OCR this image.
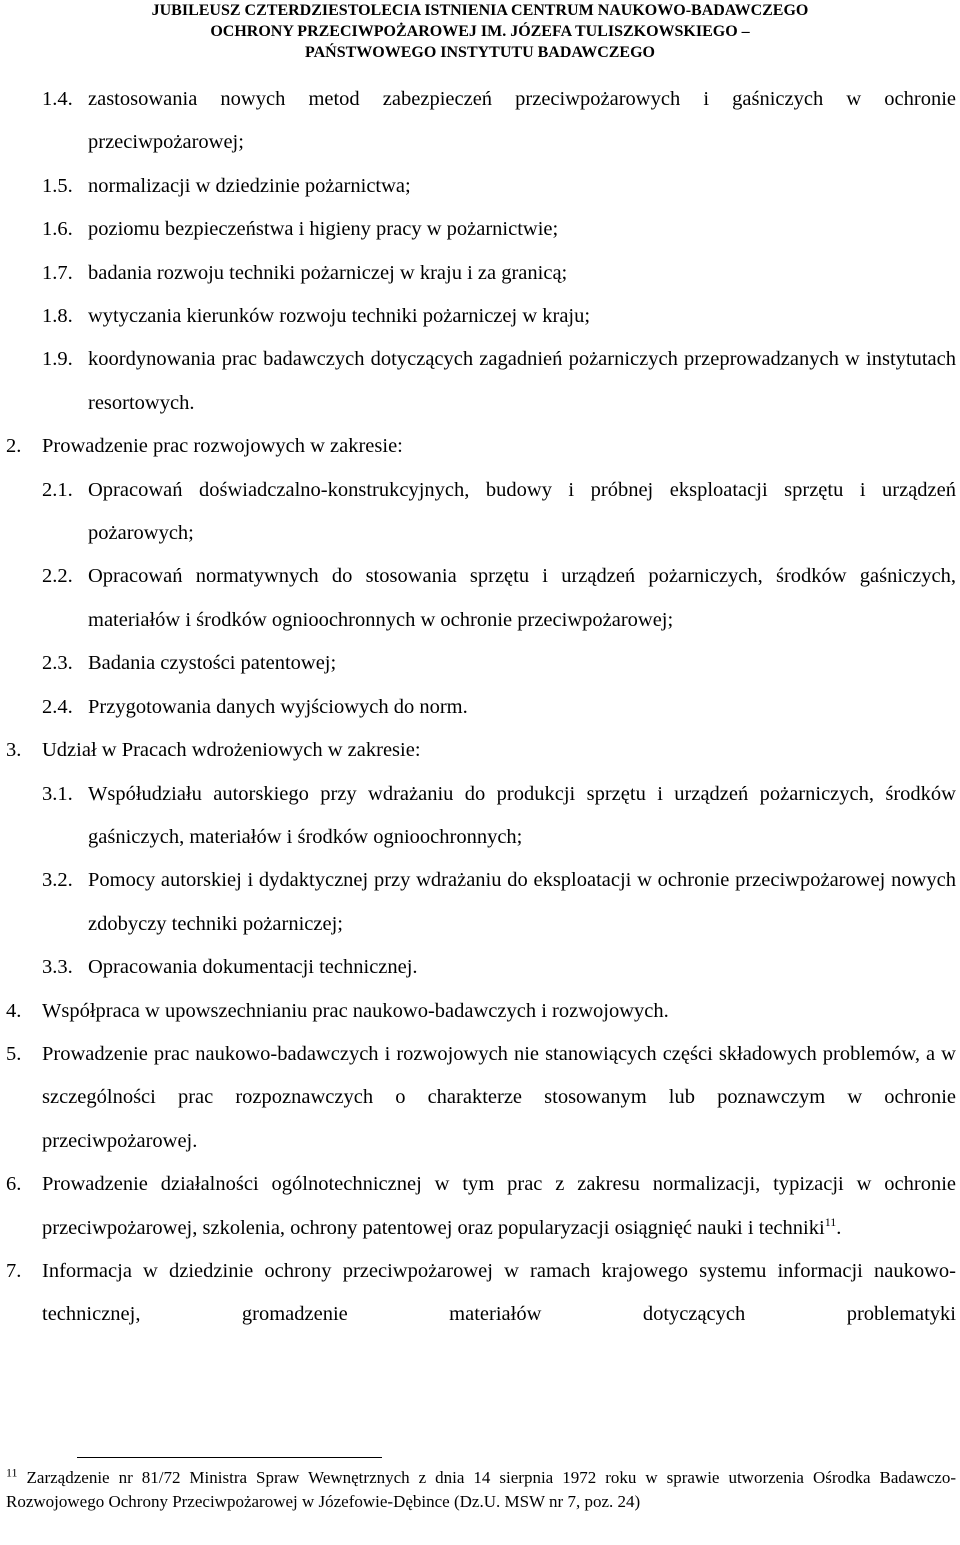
JUBILEUSZ CZTERDZIESTOLECIA ISTNIENIA CENTRUM NAUKOWO-BADAWCZEGO
OCHRONY PRZECIWPOŻAROWEJ IM. JÓZEFA TULISZKOWSKIEGO –
PAŃSTWOWEGO INSTYTUTU BADAWCZEGO
1.4. zastosowania nowych metod zabezpieczeń przeciwpożarowych i gaśniczych w ochronie przeciwpożarowej;
1.5. normalizacji w dziedzinie pożarnictwa;
1.6. poziomu bezpieczeństwa i higieny pracy w pożarnictwie;
1.7. badania rozwoju techniki pożarniczej w kraju i za granicą;
1.8. wytyczania kierunków rozwoju techniki pożarniczej w kraju;
1.9. koordynowania prac badawczych dotyczących zagadnień pożarniczych przeprowadzanych w instytutach resortowych.
2. Prowadzenie prac rozwojowych w zakresie:
2.1. Opracowań doświadczalno-konstrukcyjnych, budowy i próbnej eksploatacji sprzętu i urządzeń pożarowych;
2.2. Opracowań normatywnych do stosowania sprzętu i urządzeń pożarniczych, środków gaśniczych, materiałów i środków ognioochronnych w ochronie przeciwpożarowej;
2.3. Badania czystości patentowej;
2.4. Przygotowania danych wyjściowych do norm.
3. Udział w Pracach wdrożeniowych w zakresie:
3.1. Współudziału autorskiego przy wdrażaniu do produkcji sprzętu i urządzeń pożarniczych, środków gaśniczych, materiałów i środków ognioochronnych;
3.2. Pomocy autorskiej i dydaktycznej przy wdrażaniu do eksploatacji w ochronie przeciwpożarowej nowych zdobyczy techniki pożarniczej;
3.3. Opracowania dokumentacji technicznej.
4. Współpraca w upowszechnianiu prac naukowo-badawczych i rozwojowych.
5. Prowadzenie prac naukowo-badawczych i rozwojowych nie stanowiących części składowych problemów, a w szczególności prac rozpoznawczych o charakterze stosowanym lub poznawczym w ochronie przeciwpożarowej.
6. Prowadzenie działalności ogólnotechnicznej w tym prac z zakresu normalizacji, typizacji w ochronie przeciwpożarowej, szkolenia, ochrony patentowej oraz popularyzacji osiągnięć nauki i techniki$^{11}$.
7. Informacja w dziedzinie ochrony przeciwpożarowej w ramach krajowego systemu informacji naukowo-technicznej, gromadzenie materiałów dotyczących problematyki
$^{11}$ Zarządzenie nr 81/72 Ministra Spraw Wewnętrznych z dnia 14 sierpnia 1972 roku w sprawie utworzenia Ośrodka Badawczo-Rozwojowego Ochrony Przeciwpożarowej w Józefowie-Dębince (Dz.U. MSW nr 7, poz. 24)
